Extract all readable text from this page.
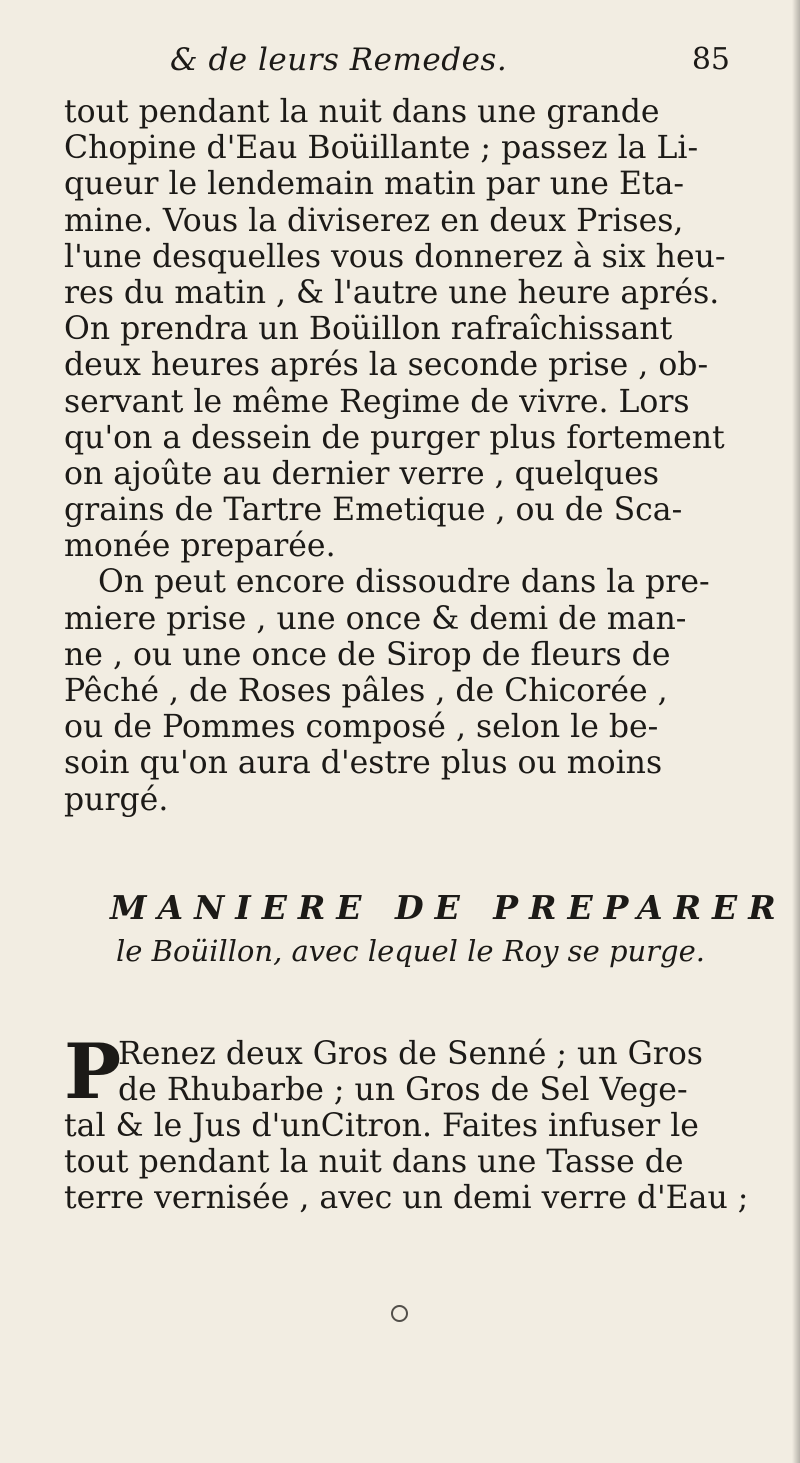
& de leurs Remedes.	85
tout pendant la nuit dans une grande
Chopine d'Eau Boüillante ; passez la Li-
queur le lendemain matin par une Eta-
mine. Vous la diviserez en deux Prises,
l'une desquelles vous donnerez à six heu-
res du matin , & l'autre une heure aprés.
On prendra un Boüillon rafraîchissant
deux heures aprés la seconde prise , ob-
servant le même Regime de vivre. Lors
qu'on a dessein de purger plus fortement
on ajoûte au dernier verre , quelques
grains de Tartre Emetique , ou de Sca-
monée preparée.
On peut encore dissoudre dans la pre-
miere prise , une once & demi de man-
ne , ou une once de Sirop de fleurs de
Pêché , de Roses pâles , de Chicorée ,
ou de Pommes composé , selon le be-
soin qu'on aura d'estre plus ou moins
purgé.
MANIERE DE PREPARER
le Boüillon, avec lequel le Roy se purge.
P
Renez deux Gros de Senné ; un Gros
de Rhubarbe ; un Gros de Sel Vege-
tal & le Jus d'unCitron. Faites infuser le
tout pendant la nuit dans une Tasse de
terre vernisée , avec un demi verre d'Eau ;
